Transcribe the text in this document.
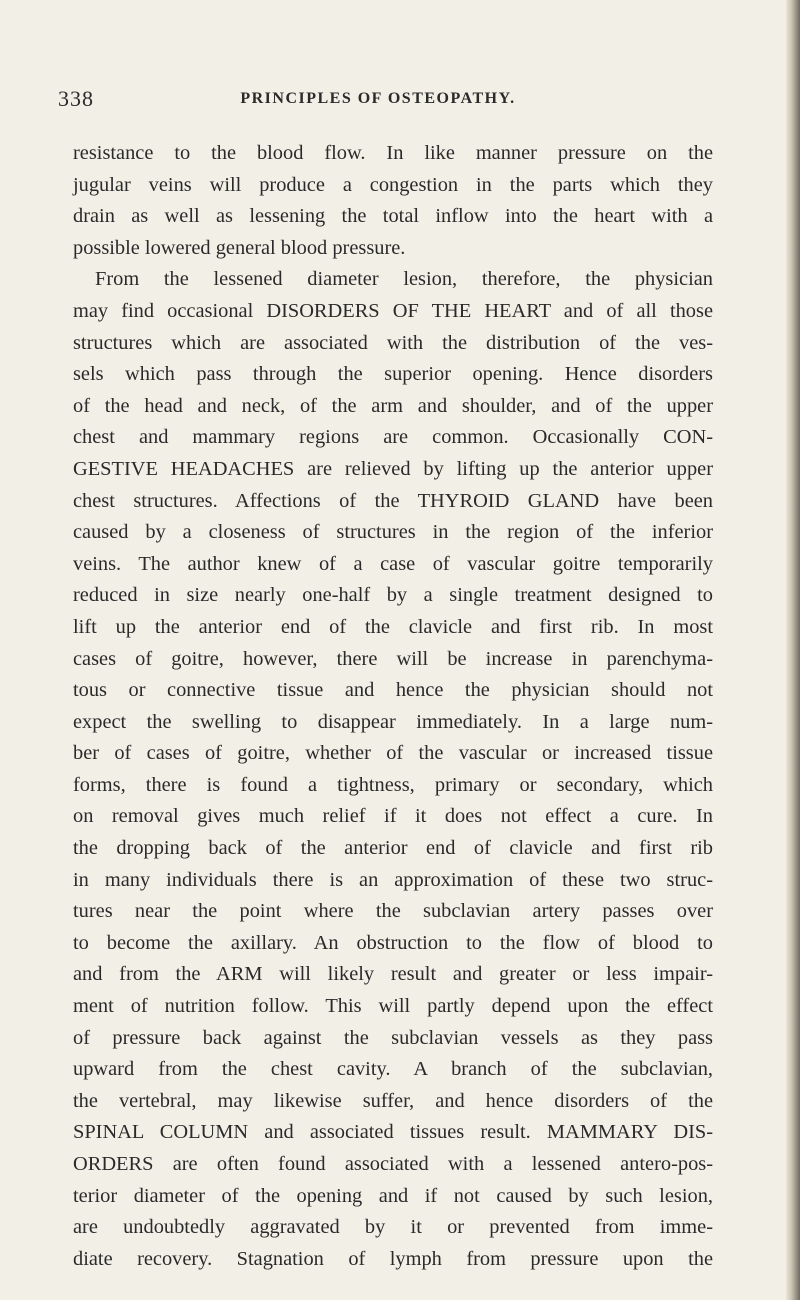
338	PRINCIPLES OF OSTEOPATHY.
resistance to the blood flow. In like manner pressure on the
jugular veins will produce a congestion in the parts which they
drain as well as lessening the total inflow into the heart with a
possible lowered general blood pressure.
From the lessened diameter lesion, therefore, the physician
may find occasional DISORDERS OF THE HEART and of all those
structures which are associated with the distribution of the ves-
sels which pass through the superior opening. Hence disorders
of the head and neck, of the arm and shoulder, and of the upper
chest and mammary regions are common. Occasionally CON-
GESTIVE HEADACHES are relieved by lifting up the anterior upper
chest structures. Affections of the THYROID GLAND have been
caused by a closeness of structures in the region of the inferior
veins. The author knew of a case of vascular goitre temporarily
reduced in size nearly one-half by a single treatment designed to
lift up the anterior end of the clavicle and first rib. In most
cases of goitre, however, there will be increase in parenchyma-
tous or connective tissue and hence the physician should not
expect the swelling to disappear immediately. In a large num-
ber of cases of goitre, whether of the vascular or increased tissue
forms, there is found a tightness, primary or secondary, which
on removal gives much relief if it does not effect a cure. In
the dropping back of the anterior end of clavicle and first rib
in many individuals there is an approximation of these two struc-
tures near the point where the subclavian artery passes over
to become the axillary. An obstruction to the flow of blood to
and from the ARM will likely result and greater or less impair-
ment of nutrition follow. This will partly depend upon the effect
of pressure back against the subclavian vessels as they pass
upward from the chest cavity. A branch of the subclavian,
the vertebral, may likewise suffer, and hence disorders of the
SPINAL COLUMN and associated tissues result. MAMMARY DIS-
ORDERS are often found associated with a lessened antero-pos-
terior diameter of the opening and if not caused by such lesion,
are undoubtedly aggravated by it or prevented from imme-
diate recovery. Stagnation of lymph from pressure upon the
